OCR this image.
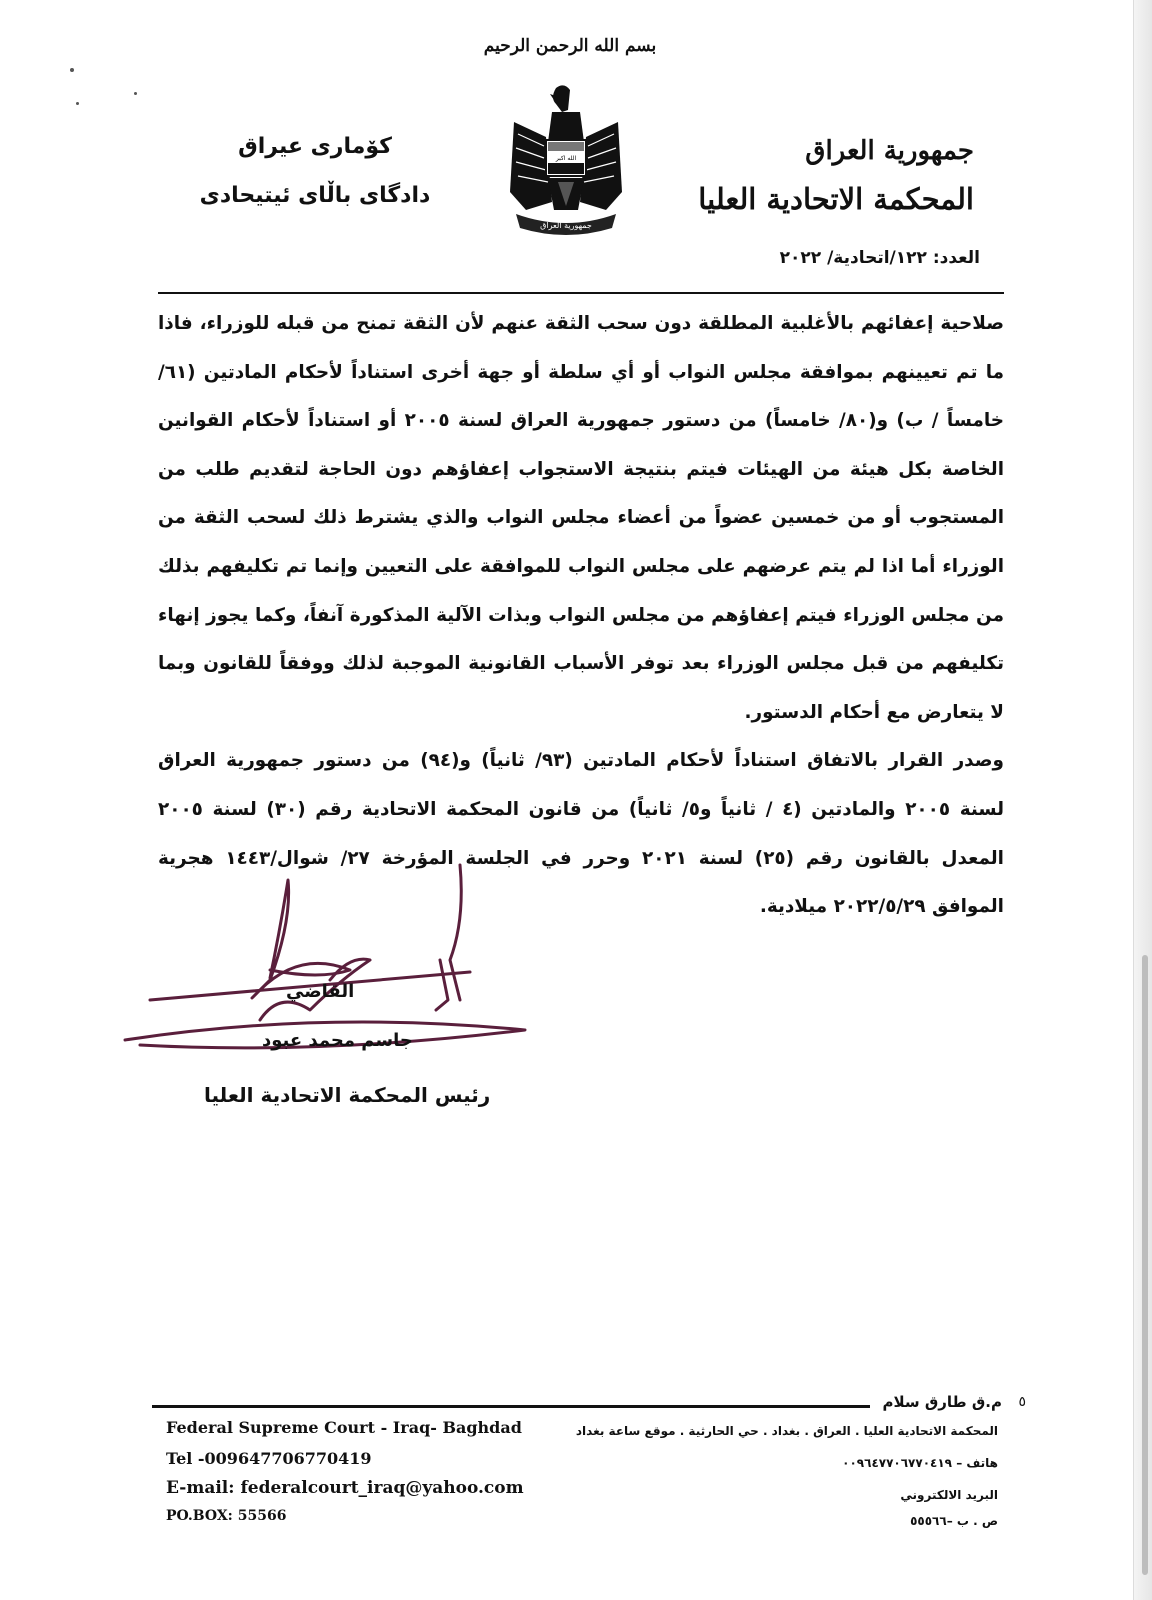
بسم الله الرحمن الرحيم
جمهورية العراق
المحكمة الاتحادية العليا
كۆمارى عيراق
دادگاى باڵاى ئيتيحادى
الله اكبر
جمهورية العراق
العدد: ١٢٢/اتحادية/ ٢٠٢٢

صلاحية إعفائهم بالأغلبية المطلقة دون سحب الثقة عنهم لأن الثقة تمنح من قبله للوزراء، فاذا ما تم تعيينهم بموافقة مجلس النواب أو أي سلطة أو جهة أخرى استناداً لأحكام المادتين (٦١/خامساً / ب) و(٨٠/ خامساً) من دستور جمهورية العراق لسنة ٢٠٠٥ أو استناداً لأحكام القوانين الخاصة بكل هيئة من الهيئات فيتم بنتيجة الاستجواب إعفاؤهم دون الحاجة لتقديم طلب من المستجوب أو من خمسين عضواً من أعضاء مجلس النواب والذي يشترط ذلك لسحب الثقة من الوزراء أما اذا لم يتم عرضهم على مجلس النواب للموافقة على التعيين وإنما تم تكليفهم بذلك من مجلس الوزراء فيتم إعفاؤهم من مجلس النواب وبذات الآلية المذكورة آنفاً، وكما يجوز إنهاء تكليفهم من قبل مجلس الوزراء بعد توفر الأسباب القانونية الموجبة لذلك ووفقاً للقانون وبما لا يتعارض مع أحكام الدستور.

وصدر القرار بالاتفاق استناداً لأحكام المادتين (٩٣/ ثانياً) و(٩٤) من دستور جمهورية العراق لسنة ٢٠٠٥ والمادتين (٤ / ثانياً و٥/ ثانياً) من قانون المحكمة الاتحادية رقم (٣٠) لسنة ٢٠٠٥ المعدل بالقانون رقم (٢٥) لسنة ٢٠٢١ وحرر في الجلسة المؤرخة ٢٧/ شوال/١٤٤٣ هجرية الموافق ٢٠٢٢/٥/٢٩ ميلادية.

القاضي
جاسم محمد عبود
رئيس المحكمة الاتحادية العليا
٥
م.ق طارق سلام
Federal Supreme Court - Iraq- Baghdad
Tel -009647706770419
E-mail: federalcourt_iraq@yahoo.com
PO.BOX: 55566
المحكمة الاتحادية العليا . العراق . بغداد . حي الحارثية . موقع ساعة بغداد
هاتف – ٠٠٩٦٤٧٧٠٦٧٧٠٤١٩
البريد الالكتروني
ص . ب –٥٥٥٦٦
